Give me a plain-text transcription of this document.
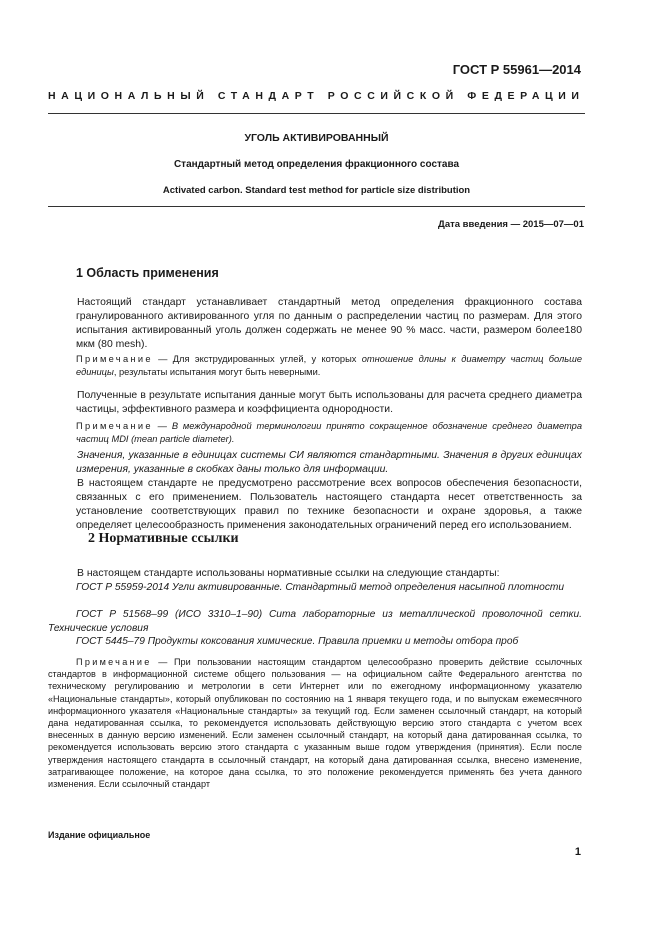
ГОСТ Р 55961—2014
НАЦИОНАЛЬНЫЙ СТАНДАРТ РОССИЙСКОЙ ФЕДЕРАЦИИ
УГОЛЬ АКТИВИРОВАННЫЙ
Стандартный метод определения фракционного состава
Activated carbon. Standard test method for particle size distribution
Дата введения — 2015—07—01
1 Область применения

Настоящий стандарт устанавливает стандартный метод определения фракционного состава гранулированного активированного угля по данным о распределении частиц по размерам. Для этого испытания активированный уголь должен содержать не менее 90 % масс. части, размером более180 мкм (80 mesh).

Примечание — Для экструдированных углей, у которых отношение длины к диаметру частиц больше единицы, результаты испытания могут быть неверными.

Полученные в результате испытания данные могут быть использованы для расчета среднего диаметра частицы, эффективного размера и коэффициента однородности.

Примечание — В международной терминологии принято сокращенное обозначение среднего диаметра частиц MDI (mean particle diameter).

Значения, указанные в единицах системы СИ являются стандартными. Значения в других единицах измерения, указанные в скобках даны только для информации.

В настоящем стандарте не предусмотрено рассмотрение всех вопросов обеспечения безопасности, связанных с его применением. Пользователь настоящего стандарта несет ответственность за установление соответствующих правил по технике безопасности и охране здоровья, а также определяет целесообразность применения законодательных ограничений перед его использованием.

2 Нормативные ссылки

В настоящем стандарте использованы нормативные ссылки на следующие стандарты:

ГОСТ Р 55959-2014 Угли активированные. Стандартный метод определения насыпной плотности

ГОСТ Р 51568–99 (ИСО 3310–1–90) Сита лабораторные из металлической проволочной сетки. Технические условия

ГОСТ 5445–79 Продукты коксования химические. Правила приемки и методы отбора проб

Примечание — При пользовании настоящим стандартом целесообразно проверить действие ссылочных стандартов в информационной системе общего пользования — на официальном сайте Федерального агентства по техническому регулированию и метрологии в сети Интернет или по ежегодному информационному указателю «Национальные стандарты», который опубликован по состоянию на 1 января текущего года, и по выпускам ежемесячного информационного указателя «Национальные стандарты» за текущий год. Если заменен ссылочный стандарт, на который дана недатированная ссылка, то рекомендуется использовать действующую версию этого стандарта с учетом всех внесенных в данную версию изменений. Если заменен ссылочный стандарт, на который дана датированная ссылка, то рекомендуется использовать версию этого стандарта с указанным выше годом утверждения (принятия). Если после утверждения настоящего стандарта в ссылочный стандарт, на который дана датированная ссылка, внесено изменение, затрагивающее положение, на которое дана ссылка, то это положение рекомендуется применять без учета данного изменения. Если ссылочный стандарт

Издание официальное
1
